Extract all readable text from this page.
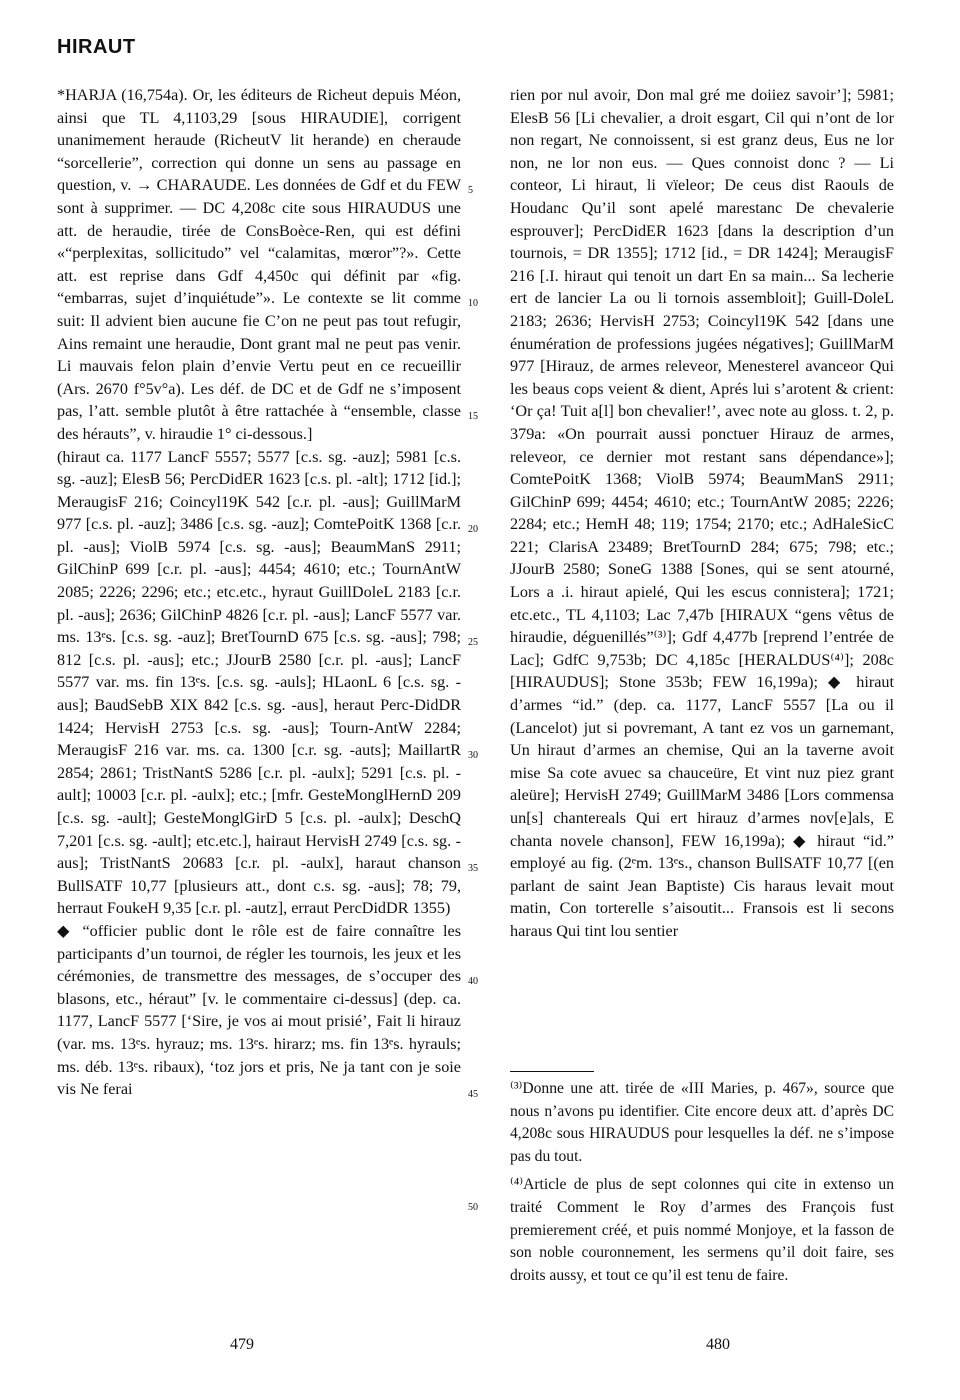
HIRAUT

*HARJA (16,754a). Or, les éditeurs de Richeut depuis Méon, ainsi que TL 4,1103,29 [sous HIRAUDIE], corrigent unanimement heraude (RichеutV lit herande) en cheraude “sorcellerie”, correction qui donne un sens au passage en question, v. → CHARAUDE. Les données de Gdf et du FEW sont à supprimer. — DC 4,208c cite sous HIRAUDUS une att. de heraudie, tirée de ConsBoèce-Ren, qui est défini «“perplexitas, sollicitudo” vel “calamitas, mœror”?». Cette att. est reprise dans Gdf 4,450c qui définit par «fig. “embarras, sujet d’inquiétude”». Le contexte se lit comme suit: Il advient bien aucune fie C’on ne peut pas tout refugir, Ains remaint une heraudie, Dont grant mal ne peut pas venir. Li mauvais felon plain d’envie Vertu peut en ce recueillir (Ars. 2670 f°5v°a). Les déf. de DC et de Gdf ne s’imposent pas, l’att. semble plutôt à être rattachée à “ensemble, classe des hérauts”, v. hiraudie 1° ci-dessous.]

(hiraut ca. 1177 LancF 5557; 5577 [c.s. sg. -auz]; 5981 [c.s. sg. -auz]; ElesB 56; PercDidER 1623 [c.s. pl. -alt]; 1712 [id.]; MeraugisF 216; Coincyl19K 542 [c.r. pl. -aus]; GuillMarM 977 [c.s. pl. -auz]; 3486 [c.s. sg. -auz]; ComtePoitK 1368 [c.r. pl. -aus]; ViolB 5974 [c.s. sg. -aus]; BeaumManS 2911; GilChinP 699 [c.r. pl. -aus]; 4454; 4610; etc.; TournAntW 2085; 2226; 2296; etc.; etc.etc., hyraut GuillDoleL 2183 [c.r. pl. -aus]; 2636; GilChinP 4826 [c.r. pl. -aus]; LancF 5577 var. ms. 13ᵉs. [c.s. sg. -auz]; BretTournD 675 [c.s. sg. -aus]; 798; 812 [c.s. pl. -aus]; etc.; JJourB 2580 [c.r. pl. -aus]; LancF 5577 var. ms. fin 13ᵉs. [c.s. sg. -auls]; HLaonL 6 [c.s. sg. -aus]; BaudSebB XIX 842 [c.s. sg. -aus], heraut Perc-DidDR 1424; HervisH 2753 [c.s. sg. -aus]; Tourn-AntW 2284; MeraugisF 216 var. ms. ca. 1300 [c.r. sg. -auts]; MaillartR 2854; 2861; TristNantS 5286 [c.r. pl. -aulx]; 5291 [c.s. pl. -ault]; 10003 [c.r. pl. -aulx]; etc.; [mfr. GesteMonglHernD 209 [c.s. sg. -ault]; GesteMonglGirD 5 [c.s. pl. -aulx]; DeschQ 7,201 [c.s. sg. -ault]; etc.etc.], hairaut HervisH 2749 [c.s. sg. -aus]; TristNantS 20683 [c.r. pl. -aulx], haraut chanson BullSATF 10,77 [plusieurs att., dont c.s. sg. -aus]; 78; 79, herraut FoukeH 9,35 [c.r. pl. -autz], erraut PercDidDR 1355)

◆ “officier public dont le rôle est de faire connaître les participants d’un tournoi, de régler les tournois, les jeux et les cérémonies, de transmettre des messages, de s’occuper des blasons, etc., héraut” [v. le commentaire ci-dessus] (dep. ca. 1177, LancF 5577 [‘Sire, je vos ai mout prisié’, Fait li hirauz (var. ms. 13ᵉs. hyrauz; ms. 13ᵉs. hirarz; ms. fin 13ᵉs. hyrauls; ms. déb. 13ᵉs. ribaux), ‘toz jors et pris, Ne ja tant con je soie vis Ne ferai

5
10
15
20
25
30
35
40
45
50

rien por nul avoir, Don mal gré me doiiez savoir’]; 5981; ElesB 56 [Li chevalier, a droit esgart, Cil qui n’ont de lor non regart, Ne connoissent, si est granz deus, Eus ne lor non, ne lor non eus. — Ques connoist donc ? — Li conteor, Li hiraut, li vïeleor; De ceus dist Raouls de Houdanc Qu’il sont apelé marestanc De chevalerie esprouver]; PercDidER 1623 [dans la description d’un tournois, = DR 1355]; 1712 [id., = DR 1424]; MeraugisF 216 [.I. hiraut qui tenoit un dart En sa main... Sa lecherie ert de lancier La ou li tornois assembloit]; Guill-DoleL 2183; 2636; HervisH 2753; Coincyl19K 542 [dans une énumération de professions jugées négatives]; GuillMarM 977 [Hirauz, de armes releveor, Menesterel avanceor Qui les beaus cops veient & dient, Aprés lui s’arotent & crient: ‘Or ça! Tuit a[l] bon chevalier!’, avec note au gloss. t. 2, p. 379a: «On pourrait aussi ponctuer Hirauz de armes, releveor, ce dernier mot restant sans dépendance»]; ComtePoitK 1368; ViolB 5974; BeaumManS 2911; GilChinP 699; 4454; 4610; etc.; TournAntW 2085; 2226; 2284; etc.; HemH 48; 119; 1754; 2170; etc.; AdHaleSicC 221; ClarisA 23489; BretTournD 284; 675; 798; etc.; JJourB 2580; SoneG 1388 [Sones, qui se sent atourné, Lors a .i. hiraut apielé, Qui les escus connistera]; 1721; etc.etc., TL 4,1103; Lac 7,47b [HIRAUX “gens vêtus de hiraudie, déguenillés”⁽³⁾]; Gdf 4,477b [reprend l’entrée de Lac]; GdfC 9,753b; DC 4,185c [HERALDUS⁽⁴⁾]; 208c [HIRAUDUS]; Stone 353b; FEW 16,199a); ◆ hiraut d’armes “id.” (dep. ca. 1177, LancF 5557 [La ou il (Lancelot) jut si povremant, A tant ez vos un garnemant, Un hiraut d’armes an chemise, Qui an la taverne avoit mise Sa cote avuec sa chauceüre, Et vint nuz piez grant aleüre]; HervisH 2749; GuillMarM 3486 [Lors commensa un[s] chantereals Qui ert hirauz d’armes nov[e]als, E chanta novele chanson], FEW 16,199a); ◆ hiraut “id.” employé au fig. (2ᵉm. 13ᵉs., chanson BullSATF 10,77 [(en parlant de saint Jean Baptiste) Cis haraus levait mout matin, Con torterelle s’aisoutit... Fransois est li secons haraus Qui tint lou sentier

⁽³⁾Donne une att. tirée de «III Maries, p. 467», source que nous n’avons pu identifier. Cite encore deux att. d’après DC 4,208c sous HIRAUDUS pour lesquelles la déf. ne s’impose pas du tout.

⁽⁴⁾Article de plus de sept colonnes qui cite in extenso un traité Comment le Roy d’armes des François fust premierement créé, et puis nommé Monjoye, et la fasson de son noble couronnement, les sermens qu’il doit faire, ses droits aussy, et tout ce qu’il est tenu de faire.

479	480
